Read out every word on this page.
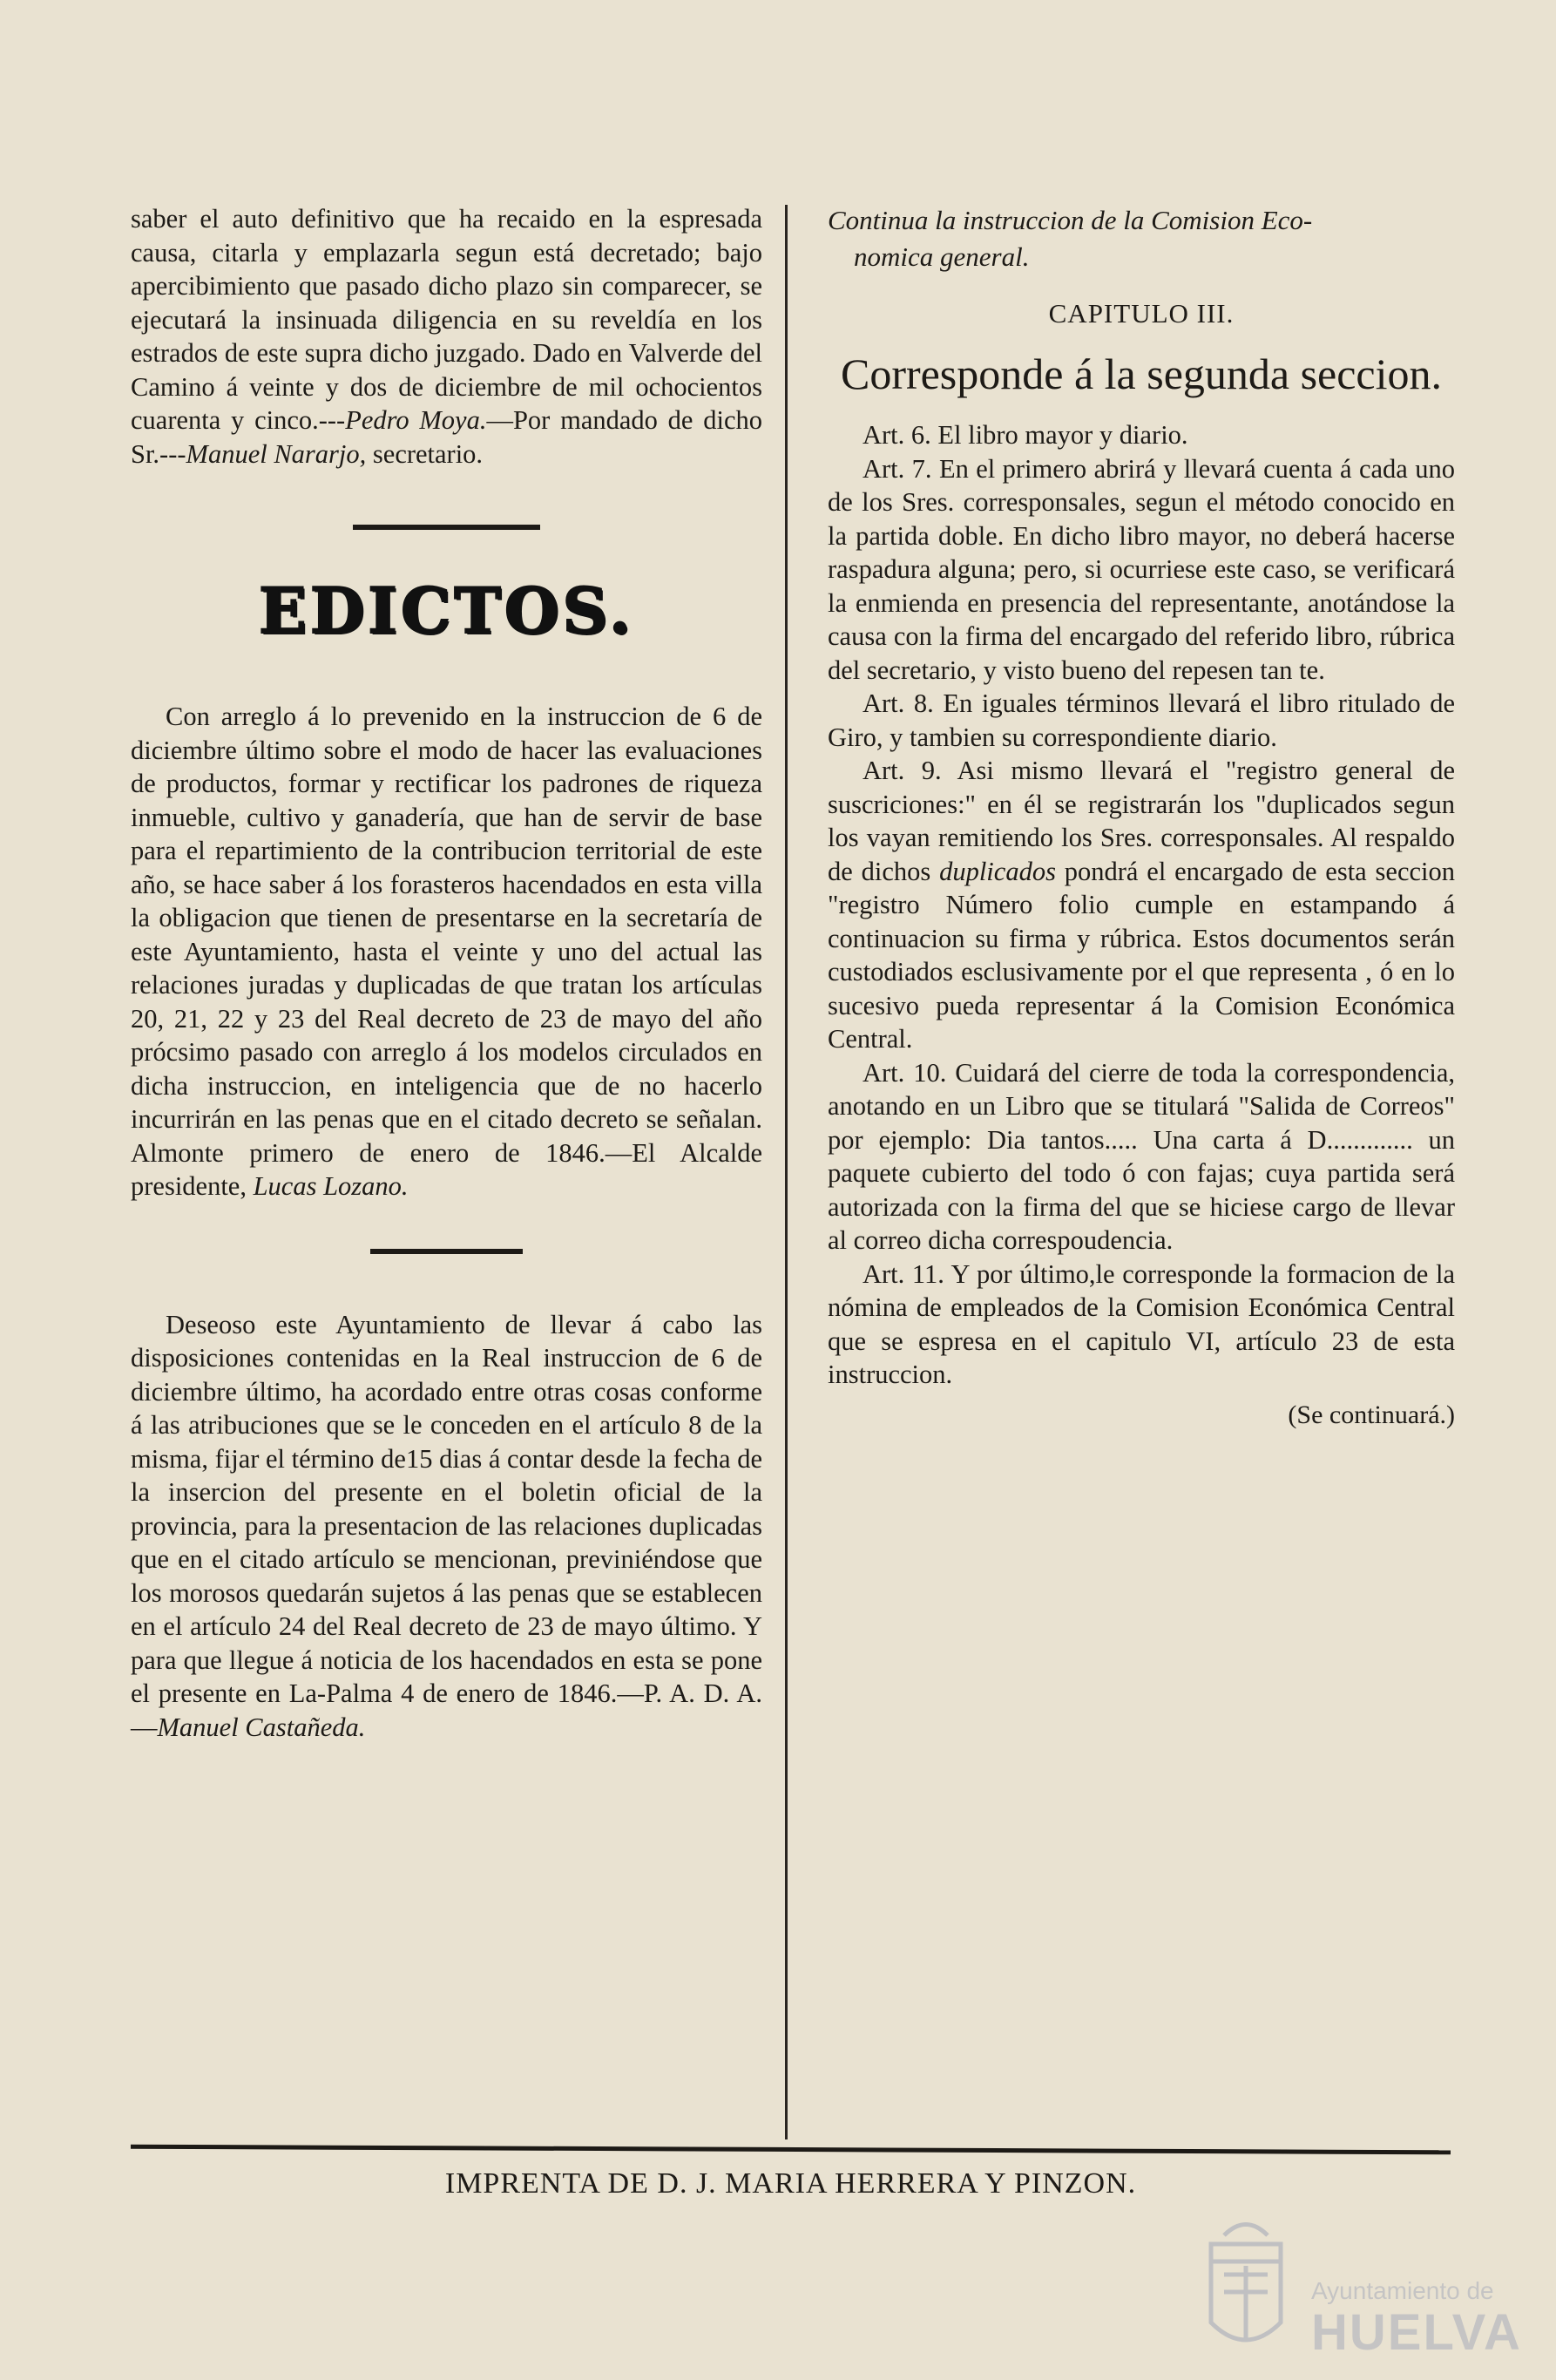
saber el auto definitivo que ha recaido en la espresada causa, citarla y emplazarla segun está decretado; bajo apercibimiento que pasado dicho plazo sin comparecer, se ejecutará la insinuada diligencia en su reveldía en los estrados de este supra dicho juzgado. Dado en Valverde del Camino á veinte y dos de diciembre de mil ochocientos cuarenta y cinco.---Pedro Moya.—Por mandado de dicho Sr.---Manuel Nararjo, secretario.

EDICTOS.

Con arreglo á lo prevenido en la instruccion de 6 de diciembre último sobre el modo de hacer las evaluaciones de productos, formar y rectificar los padrones de riqueza inmueble, cultivo y ganadería, que han de servir de base para el repartimiento de la contribucion territorial de este año, se hace saber á los forasteros hacendados en esta villa la obligacion que tienen de presentarse en la secretaría de este Ayuntamiento, hasta el veinte y uno del actual las relaciones juradas y duplicadas de que tratan los artículas 20, 21, 22 y 23 del Real decreto de 23 de mayo del año prócsimo pasado con arreglo á los modelos circulados en dicha instruccion, en inteligencia que de no hacerlo incurrirán en las penas que en el citado decreto se señalan. Almonte primero de enero de 1846.—El Alcalde presidente, Lucas Lozano.

Deseoso este Ayuntamiento de llevar á cabo las disposiciones contenidas en la Real instruccion de 6 de diciembre último, ha acordado entre otras cosas conforme á las atribuciones que se le conceden en el artículo 8 de la misma, fijar el término de15 dias á contar desde la fecha de la insercion del presente en el boletin oficial de la provincia, para la presentacion de las relaciones duplicadas que en el citado artículo se mencionan, previniéndose que los morosos quedarán sujetos á las penas que se establecen en el artículo 24 del Real decreto de 23 de mayo último. Y para que llegue á noticia de los hacendados en esta se pone el presente en La-Palma 4 de enero de 1846.—P. A. D. A.—Manuel Castañeda.

Continua la instruccion de la Comision Eco-
nomica general.

CAPITULO III.

Corresponde á la segunda seccion.

Art. 6. El libro mayor y diario.

Art. 7. En el primero abrirá y llevará cuenta á cada uno de los Sres. corresponsales, segun el método conocido en la partida doble. En dicho libro mayor, no deberá hacerse raspadura alguna; pero, si ocurriese este caso, se verificará la enmienda en presencia del representante, anotándose la causa con la firma del encargado del referido libro, rúbrica del secretario, y visto bueno del repesen tan te.

Art. 8. En iguales términos llevará el libro ritulado de Giro, y tambien su correspondiente diario.

Art. 9. Asi mismo llevará el "registro general de suscriciones:" en él se registrarán los "duplicados segun los vayan remitiendo los Sres. corresponsales. Al respaldo de dichos duplicados pondrá el encargado de esta seccion "registro Número folio cumple en estampando á continuacion su firma y rúbrica. Estos documentos serán custodiados esclusivamente por el que representa , ó en lo sucesivo pueda representar á la Comision Económica Central.

Art. 10. Cuidará del cierre de toda la correspondencia, anotando en un Libro que se titulará "Salida de Correos" por ejemplo: Dia tantos..... Una carta á D............. un paquete cubierto del todo ó con fajas; cuya partida será autorizada con la firma del que se hiciese cargo de llevar al correo dicha correspoudencia.

Art. 11. Y por último,le corresponde la formacion de la nómina de empleados de la Comision Económica Central que se espresa en el capitulo VI, artículo 23 de esta instruccion.

(Se continuará.)

IMPRENTA DE D. J. MARIA HERRERA Y PINZON.

Ayuntamiento de
HUELVA
